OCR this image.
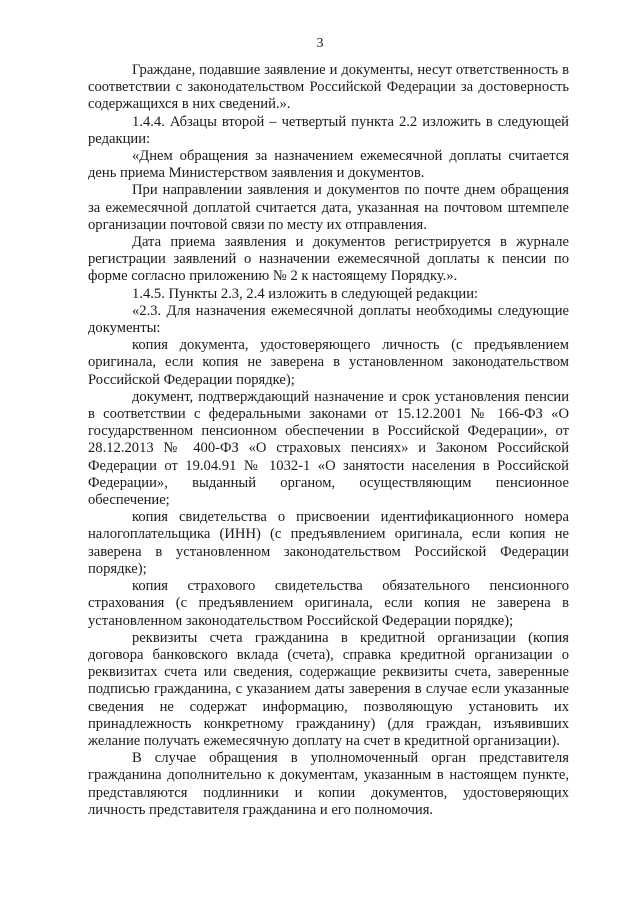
3

Граждане, подавшие заявление и документы, несут ответственность в соответствии с законодательством Российской Федерации за достоверность содержащихся в них сведений.».

1.4.4. Абзацы второй – четвертый пункта 2.2 изложить в следующей редакции:

«Днем обращения за назначением ежемесячной доплаты считается день приема Министерством заявления и документов.

При направлении заявления и документов по почте днем обращения за ежемесячной доплатой считается дата, указанная на почтовом штемпеле организации почтовой связи по месту их отправления.

Дата приема заявления и документов регистрируется в журнале регистрации заявлений о назначении ежемесячной доплаты к пенсии по форме согласно приложению № 2 к настоящему Порядку.».

1.4.5. Пункты 2.3, 2.4 изложить в следующей редакции:

«2.3. Для назначения ежемесячной доплаты необходимы следующие документы:

копия документа, удостоверяющего личность (с предъявлением оригинала, если копия не заверена в установленном законодательством Российской Федерации порядке);

документ, подтверждающий назначение и срок установления пенсии в соответствии с федеральными законами от 15.12.2001 № 166-ФЗ «О государственном пенсионном обеспечении в Российской Федерации», от 28.12.2013 № 400-ФЗ «О страховых пенсиях» и Законом Российской Федерации от 19.04.91 № 1032-1 «О занятости населения в Российской Федерации», выданный органом, осуществляющим пенсионное обеспечение;

копия свидетельства о присвоении идентификационного номера налогоплательщика (ИНН) (с предъявлением оригинала, если копия не заверена в установленном законодательством Российской Федерации порядке);

копия страхового свидетельства обязательного пенсионного страхования (с предъявлением оригинала, если копия не заверена в установленном законодательством Российской Федерации порядке);

реквизиты счета гражданина в кредитной организации (копия договора банковского вклада (счета), справка кредитной организации о реквизитах счета или сведения, содержащие реквизиты счета, заверенные подписью гражданина, с указанием даты заверения в случае если указанные сведения не содержат информацию, позволяющую установить их принадлежность конкретному гражданину) (для граждан, изъявивших желание получать ежемесячную доплату на счет в кредитной организации).

В случае обращения в уполномоченный орган представителя гражданина дополнительно к документам, указанным в настоящем пункте, представляются подлинники и копии документов, удостоверяющих личность представителя гражданина и его полномочия.
